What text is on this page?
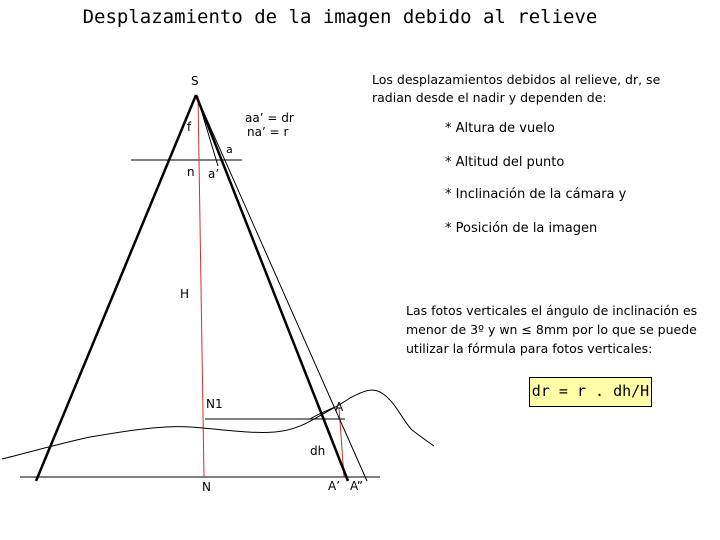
Desplazamiento de la imagen debido al relieve
S
f
n
a
a’
H
N1	A
dh
N	A’ A”
aa’ = dr
na’ = r
Los desplazamientos debidos al relieve, dr, se
radian desde el nadir y dependen de:
* Altura de vuelo
* Altitud del punto
* Inclinación de la cámara y
* Posición de la imagen
Las fotos verticales el ángulo de inclinación es
menor de 3º y wn ≤ 8mm por lo que se puede
utilizar la fórmula para fotos verticales:
dr = r . dh/H
